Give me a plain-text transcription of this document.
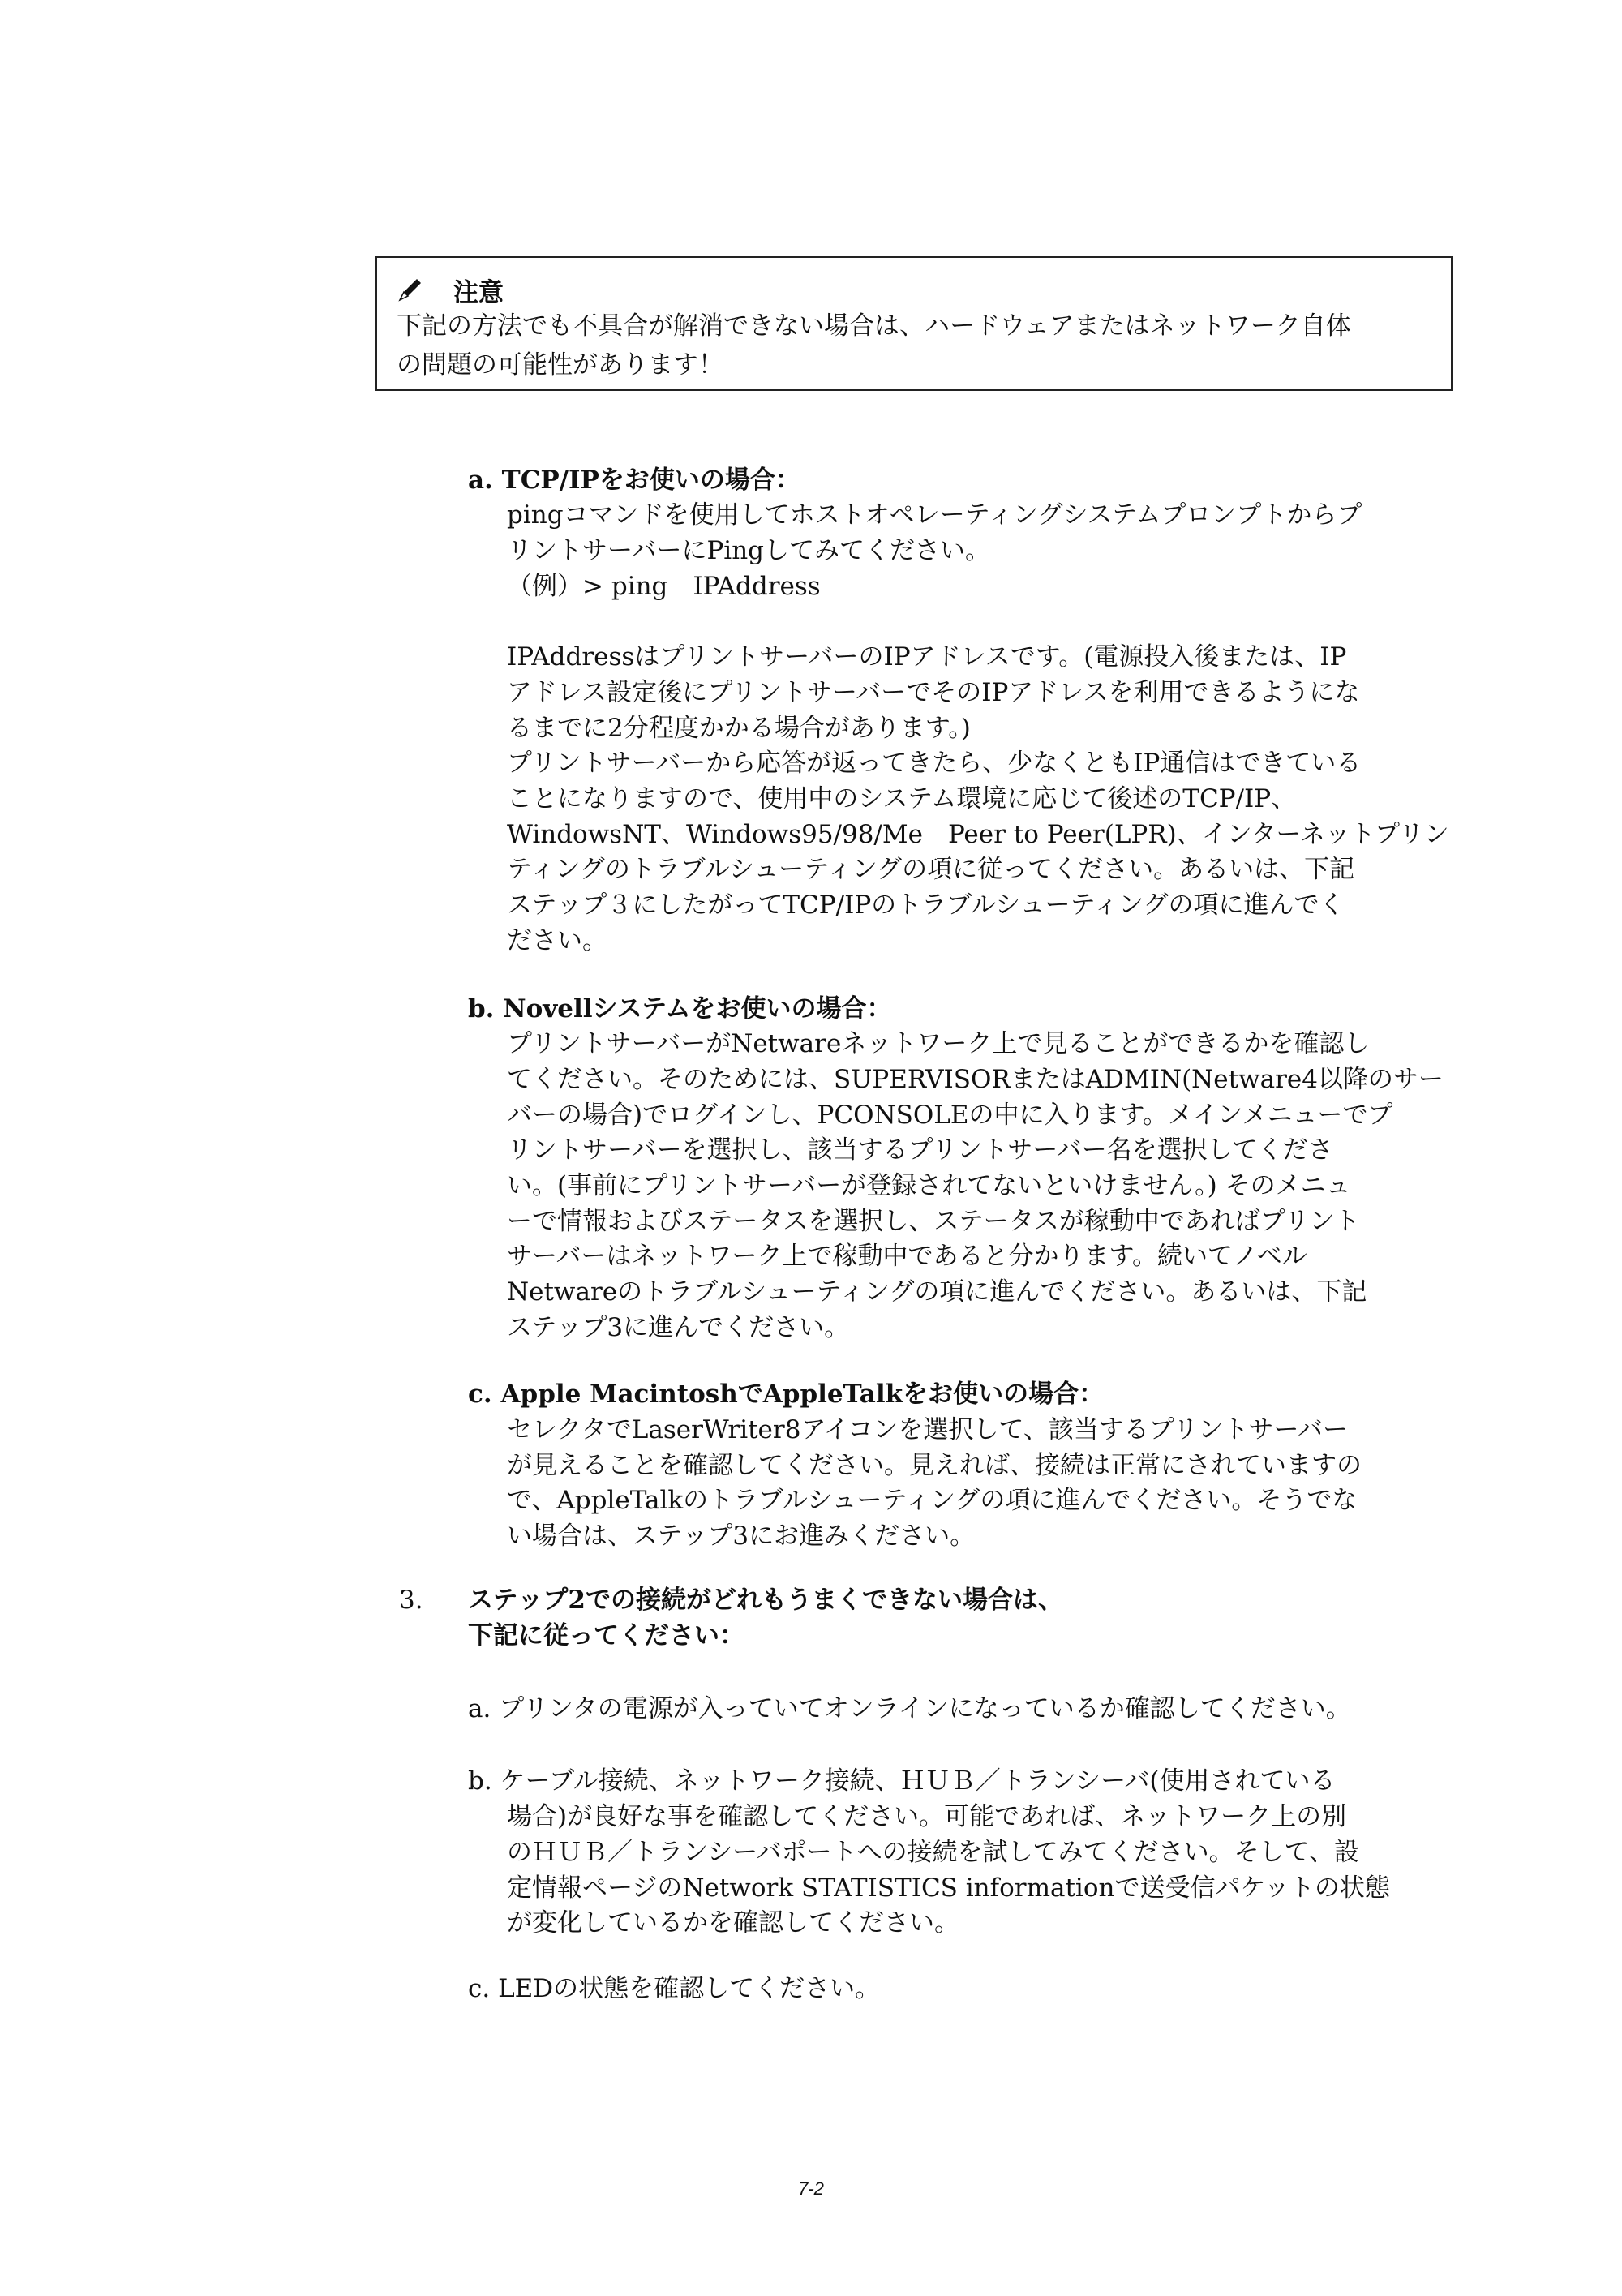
注意
下記の方法でも不具合が解消できない場合は、ハードウェアまたはネットワーク自体
の問題の可能性があります！
a. TCP/IPをお使いの場合：
pingコマンドを使用してホストオペレーティングシステムプロンプトからプ
リントサーバーにPingしてみてください。
（例）> ping　IPAddress
IPAddressはプリントサーバーのIPアドレスです。(電源投入後または、IP
アドレス設定後にプリントサーバーでそのIPアドレスを利用できるようにな
るまでに2分程度かかる場合があります。)
プリントサーバーから応答が返ってきたら、少なくともIP通信はできている
ことになりますので、使用中のシステム環境に応じて後述のTCP/IP、
WindowsNT、Windows95/98/Me　Peer to Peer(LPR)、インターネットプリン
ティングのトラブルシューティングの項に従ってください。あるいは、下記
ステップ３にしたがってTCP/IPのトラブルシューティングの項に進んでく
ださい。
b. Novellシステムをお使いの場合：
プリントサーバーがNetwareネットワーク上で見ることができるかを確認し
てください。そのためには、SUPERVISORまたはADMIN(Netware4以降のサー
バーの場合)でログインし、PCONSOLEの中に入ります。メインメニューでプ
リントサーバーを選択し、該当するプリントサーバー名を選択してくださ
い。(事前にプリントサーバーが登録されてないといけません。) そのメニュ
ーで情報およびステータスを選択し、ステータスが稼動中であればプリント
サーバーはネットワーク上で稼動中であると分かります。続いてノベル
Netwareのトラブルシューティングの項に進んでください。あるいは、下記
ステップ3に進んでください。
c. Apple MacintoshでAppleTalkをお使いの場合：
セレクタでLaserWriter8アイコンを選択して、該当するプリントサーバー
が見えることを確認してください。見えれば、接続は正常にされていますの
で、AppleTalkのトラブルシューティングの項に進んでください。そうでな
い場合は、ステップ3にお進みください。
3. ステップ2での接続がどれもうまくできない場合は、
下記に従ってください：
a. プリンタの電源が入っていてオンラインになっているか確認してください。
b. ケーブル接続、ネットワーク接続、ＨＵＢ／トランシーバ(使用されている
場合)が良好な事を確認してください。可能であれば、ネットワーク上の別
のＨＵＢ／トランシーバポートへの接続を試してみてください。そして、設
定情報ページのNetwork STATISTICS informationで送受信パケットの状態
が変化しているかを確認してください。
c. LEDの状態を確認してください。
7-2
